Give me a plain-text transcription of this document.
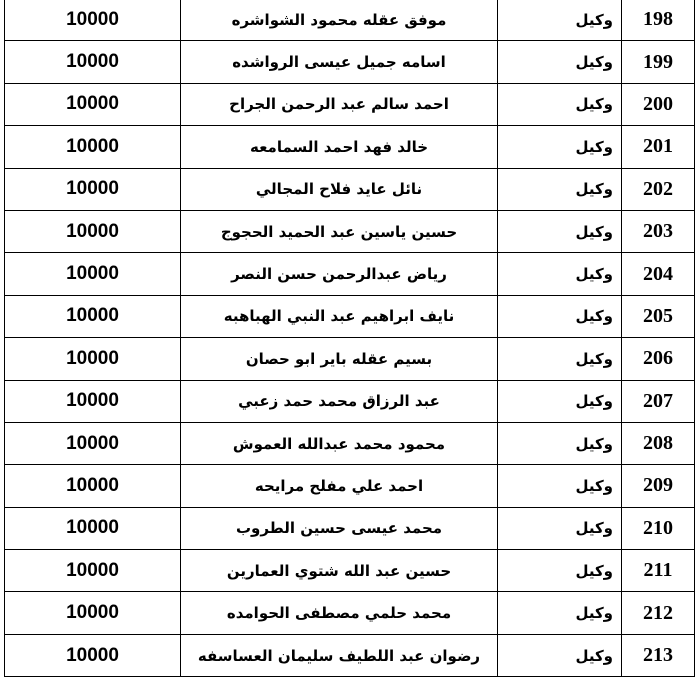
198	وكيل	موفق عقله محمود الشواشره	10000
199	وكيل	اسامه جميل عيسى الرواشده	10000
200	وكيل	احمد سالم عبد الرحمن الجراح	10000
201	وكيل	خالد فهد احمد السمامعه	10000
202	وكيل	نائل عايد فلاح المجالي	10000
203	وكيل	حسين ياسين عبد الحميد الحجوج	10000
204	وكيل	رياض عبدالرحمن حسن النصر	10000
205	وكيل	نايف ابراهيم عبد النبي الهباهبه	10000
206	وكيل	بسيم عقله باير ابو حصان	10000
207	وكيل	عبد الرزاق محمد حمد زعبي	10000
208	وكيل	محمود محمد عبدالله العموش	10000
209	وكيل	احمد علي مفلح مرايحه	10000
210	وكيل	محمد عيسى حسين الطروب	10000
211	وكيل	حسين عبد الله شتوي العمارين	10000
212	وكيل	محمد حلمي مصطفى الحوامده	10000
213	وكيل	رضوان عبد اللطيف سليمان العساسفه	10000
